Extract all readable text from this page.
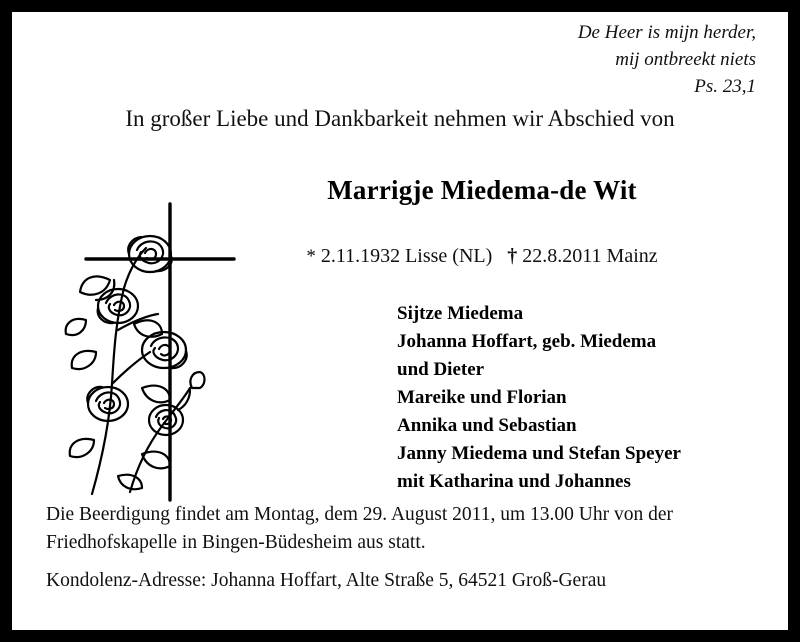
De Heer is mijn herder,
mij ontbreekt niets
Ps. 23,1
In großer Liebe und Dankbarkeit nehmen wir Abschied von
Marrigje Miedema-de Wit
* 2.11.1932 Lisse (NL) † 22.8.2011 Mainz
Sijtze Miedema
Johanna Hoffart, geb. Miedema
und Dieter
Mareike und Florian
Annika und Sebastian
Janny Miedema und Stefan Speyer
mit Katharina und Johannes

Die Beerdigung findet am Montag, dem 29. August 2011, um 13.00 Uhr von der Friedhofskapelle in Bingen-Büdesheim aus statt.

Kondolenz-Adresse: Johanna Hoffart, Alte Straße 5, 64521 Groß-Gerau
